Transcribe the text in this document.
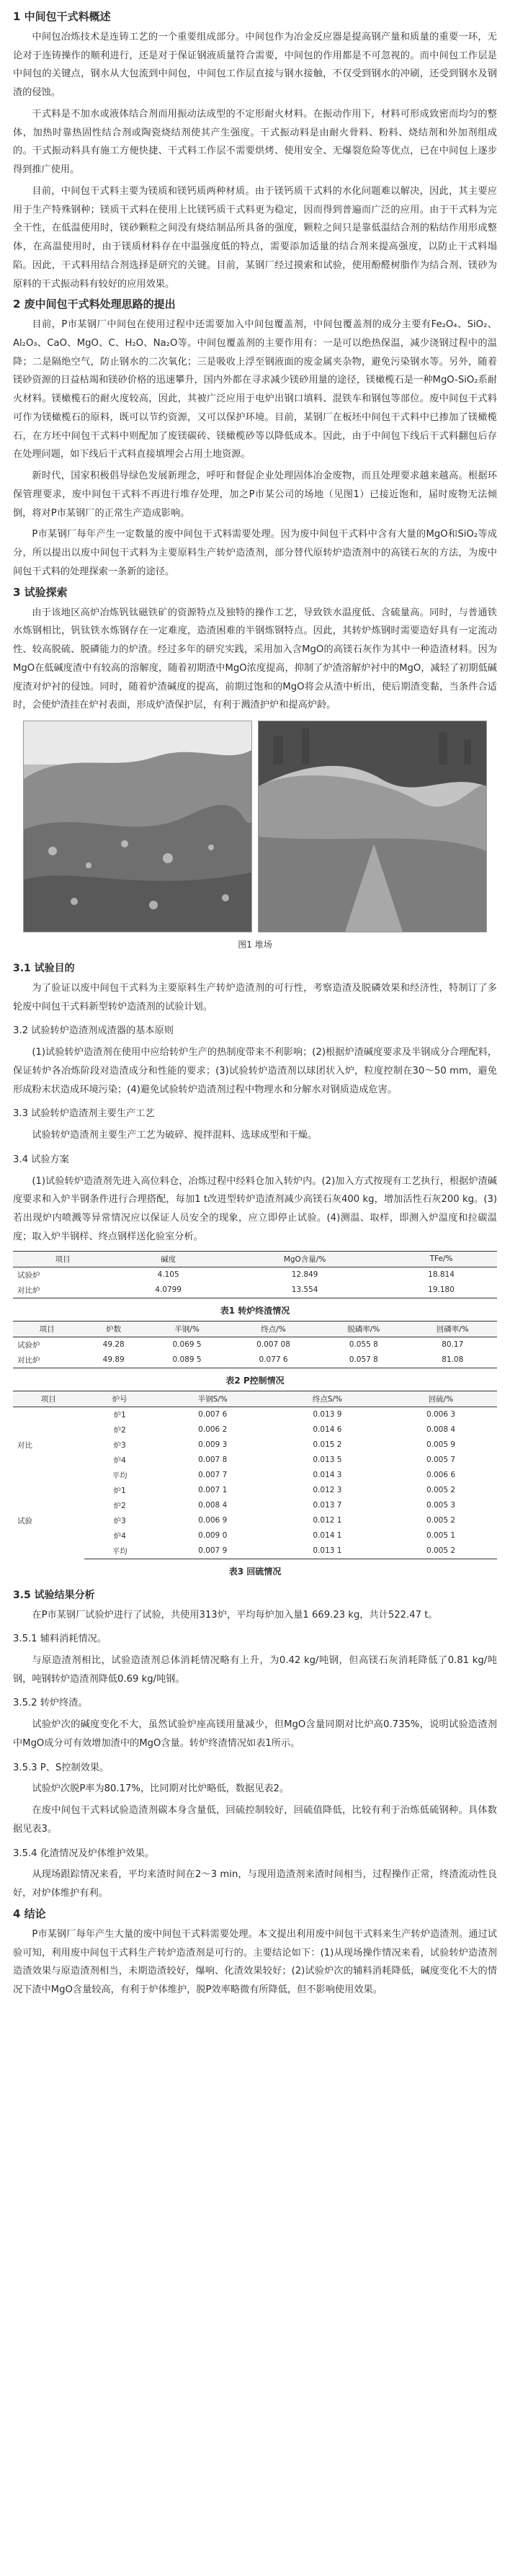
1 中间包干式料概述

中间包冶炼技术是连铸工艺的一个重要组成部分。中间包作为冶金反应器是提高钢产量和质量的重要一环，无论对于连铸操作的顺利进行，还是对于保证钢液质量符合需要，中间包的作用都是不可忽视的。而中间包工作层是中间包的关键点，钢水从大包流到中间包，中间包工作层直接与钢水接触，不仅受到钢水的冲刷，还受到钢水及钢渣的侵蚀。

干式料是不加水或液体结合剂而用振动法成型的不定形耐火材料。在振动作用下，材料可形成致密而均匀的整体，加热时靠热固性结合剂或陶瓷烧结剂使其产生强度。干式振动料是由耐火骨料、粉料、烧结剂和外加剂组成的。干式振动料具有施工方便快捷、干式料工作层不需要烘烤、使用安全、无爆裂危险等优点，已在中间包上逐步得到推广使用。

目前，中间包干式料主要为镁质和镁钙质两种材质。由于镁钙质干式料的水化问题难以解决，因此，其主要应用于生产特殊钢种；镁质干式料在使用上比镁钙质干式料更为稳定，因而得到普遍而广泛的应用。由于干式料为完全干性，在低温使用时，镁砂颗粒之间没有烧结制品所具备的强度，颗粒之间只是靠低温结合剂的粘结作用形成整体，在高温使用时，由于镁质材料存在中温强度低的特点，需要添加适量的结合剂来提高强度，以防止干式料塌陷。因此，干式料用结合剂选择是研究的关键。目前，某钢厂经过摸索和试验，使用酚醛树脂作为结合剂、镁砂为原料的干式振动料有较好的应用效果。

2 废中间包干式料处理思路的提出

目前，P市某钢厂中间包在使用过程中还需要加入中间包覆盖剂，中间包覆盖剂的成分主要有Fe₂O₄、SiO₂、Al₂O₃、CaO、MgO、C、H₂O、Na₂O等。中间包覆盖剂的主要作用有：一是可以绝热保温，减少浇钢过程中的温降；二是隔绝空气，防止钢水的二次氧化；三是吸收上浮至钢液面的废金属夹杂物，避免污染钢水等。另外，随着镁砂资源的日益枯竭和镁砂价格的迅速攀升，国内外都在寻求减少镁砂用量的途径，镁橄榄石是一种MgO-SiO₂系耐火材料。镁橄榄石的耐火度较高，因此，其被广泛应用于电炉出钢口填料、混铁车和钢包等部位。废中间包干式料可作为镁橄榄石的原料，既可以节约资源，又可以保护环境。目前，某钢厂在板坯中间包干式料中已掺加了镁橄榄石，在方坯中间包干式料中则配加了废镁碳砖、镁橄榄砂等以降低成本。因此，由于中间包下线后干式料翻包后存在处理问题，如下线后干式料直接填埋会占用土地资源。

新时代，国家积极倡导绿色发展新理念，呼吁和督促企业处理固体冶金废物，而且处理要求越来越高。根据环保管理要求，废中间包干式料不再进行堆存处理，加之P市某公司的场地（见图1）已接近饱和，届时废物无法倾倒，将对P市某钢厂的正常生产造成影响。

P市某钢厂每年产生一定数量的废中间包干式料需要处理。因为废中间包干式料中含有大量的MgO和SiO₂等成分，所以提出以废中间包干式料为主要原料生产转炉造渣剂，部分替代原转炉造渣剂中的高镁石灰的方法，为废中间包干式料的处理探索一条新的途径。

3 试验探索

由于该地区高炉冶炼钒钛磁铁矿的资源特点及独特的操作工艺，导致铁水温度低、含硫量高。同时，与普通铁水炼钢相比，钒钛铁水炼钢存在一定难度，造渣困难的半钢炼钢特点。因此，其转炉炼钢时需要造好具有一定流动性、较高脱硫、脱磷能力的炉渣。经过多年的研究实践，采用加入含MgO的高镁石灰作为其中一种造渣材料。因为MgO在低碱度渣中有较高的溶解度，随着初期渣中MgO浓度提高，抑制了炉渣溶解炉衬中的MgO，减轻了初期低碱度渣对炉衬的侵蚀。同时，随着炉渣碱度的提高，前期过饱和的MgO将会从渣中析出，使后期渣变黏，当条件合适时，会使炉渣挂在炉衬表面，形成炉渣保护层，有利于溅渣护炉和提高炉龄。

图1 堆场
3.1 试验目的

为了验证以废中间包干式料为主要原料生产转炉造渣剂的可行性，考察造渣及脱磷效果和经济性，特制订了多轮废中间包干式料新型转炉造渣剂的试验计划。

3.2 试验转炉造渣剂成渣器的基本原则

(1)试验转炉造渣剂在使用中应给转炉生产的热制度带来不利影响；(2)根据炉渣碱度要求及半钢成分合理配料，保证转炉各冶炼阶段对造渣成分和性能的要求；(3)试验转炉造渣剂以球团状入炉，粒度控制在30～50 mm，避免形成粉末状造成环境污染；(4)避免试验转炉造渣剂过程中物理水和分解水对钢质造成危害。

3.3 试验转炉造渣剂主要生产工艺

试验转炉造渣剂主要生产工艺为破碎、搅拌混料、选球成型和干燥。

3.4 试验方案

(1)试验转炉造渣剂先进入高位料仓，冶炼过程中经料仓加入转炉内。(2)加入方式按现有工艺执行，根据炉渣碱度要求和入炉半钢条件进行合理搭配，每加1 t改进型转炉造渣剂减少高镁石灰400 kg，增加活性石灰200 kg。(3)若出现炉内喷溅等异常情况应以保证人员安全的现象，应立即停止试验。(4)测温、取样，即测入炉温度和拉碳温度；取入炉半钢样、终点钢样送化验室分析。

项目	碱度	MgO含量/%	TFe/%
试验炉	4.105	12.849	18.814
对比炉	4.0799	13.554	19.180
表1 转炉终渣情况
项目	炉数	半钢/%	终点/%	脱磷率/%	回磷率/%
试验炉	49.28	0.069 5	0.007 08	0.055 8	80.17
对比炉	49.89	0.089 5	0.077 6	0.057 8	81.08
表2 P控制情况
项目	炉号	半钢S/%	终点S/%	回硫/%
对比	炉1	0.007 6	0.013 9	0.006 3
	炉2	0.006 2	0.014 6	0.008 4
	炉3	0.009 3	0.015 2	0.005 9
	炉4	0.007 8	0.013 5	0.005 7
	平均	0.007 7	0.014 3	0.006 6
试验	炉1	0.007 1	0.012 3	0.005 2
	炉2	0.008 4	0.013 7	0.005 3
	炉3	0.006 9	0.012 1	0.005 2
	炉4	0.009 0	0.014 1	0.005 1
	平均	0.007 9	0.013 1	0.005 2
表3 回硫情况
3.5 试验结果分析

在P市某钢厂试验炉进行了试验，共使用313炉，平均每炉加入量1 669.23 kg，共计522.47 t。

3.5.1 辅料消耗情况。

与原造渣剂相比，试验造渣剂总体消耗情况略有上升，为0.42 kg/吨钢，但高镁石灰消耗降低了0.81 kg/吨钢，吨钢转炉造渣剂降低0.69 kg/吨钢。

3.5.2 转炉终渣。

试验炉次的碱度变化不大，虽然试验炉座高镁用量减少，但MgO含量同期对比炉高0.735%，说明试验造渣剂中MgO成分可有效增加渣中的MgO含量。转炉终渣情况如表1所示。

3.5.3 P、S控制效果。

试验炉次脱P率为80.17%，比同期对比炉略低，数据见表2。

在废中间包干式料试验造渣剂碳本身含量低，回硫控制较好，回硫值降低，比较有利于治炼低硫钢种。具体数据见表3。

3.5.4 化渣情况及炉体维护效果。

从现场跟踪情况来看，平均来渣时间在2～3 min，与现用造渣剂来渣时间相当，过程操作正常，终渣流动性良好，对炉体维护有利。

4 结论

P市某钢厂每年产生大量的废中间包干式料需要处理。本文提出利用废中间包干式料来生产转炉造渣剂。通过试验可知，利用废中间包干式料生产转炉造渣剂是可行的。主要结论如下：(1)从现场操作情况来看，试验转炉造渣剂造渣效果与原造渣剂相当，未期造渣较好，爆响、化渣效果较好；(2)试验炉次的辅料消耗降低，碱度变化不大的情况下渣中MgO含量较高，有利于炉体维护，脱P效率略微有所降低，但不影响使用效果。
